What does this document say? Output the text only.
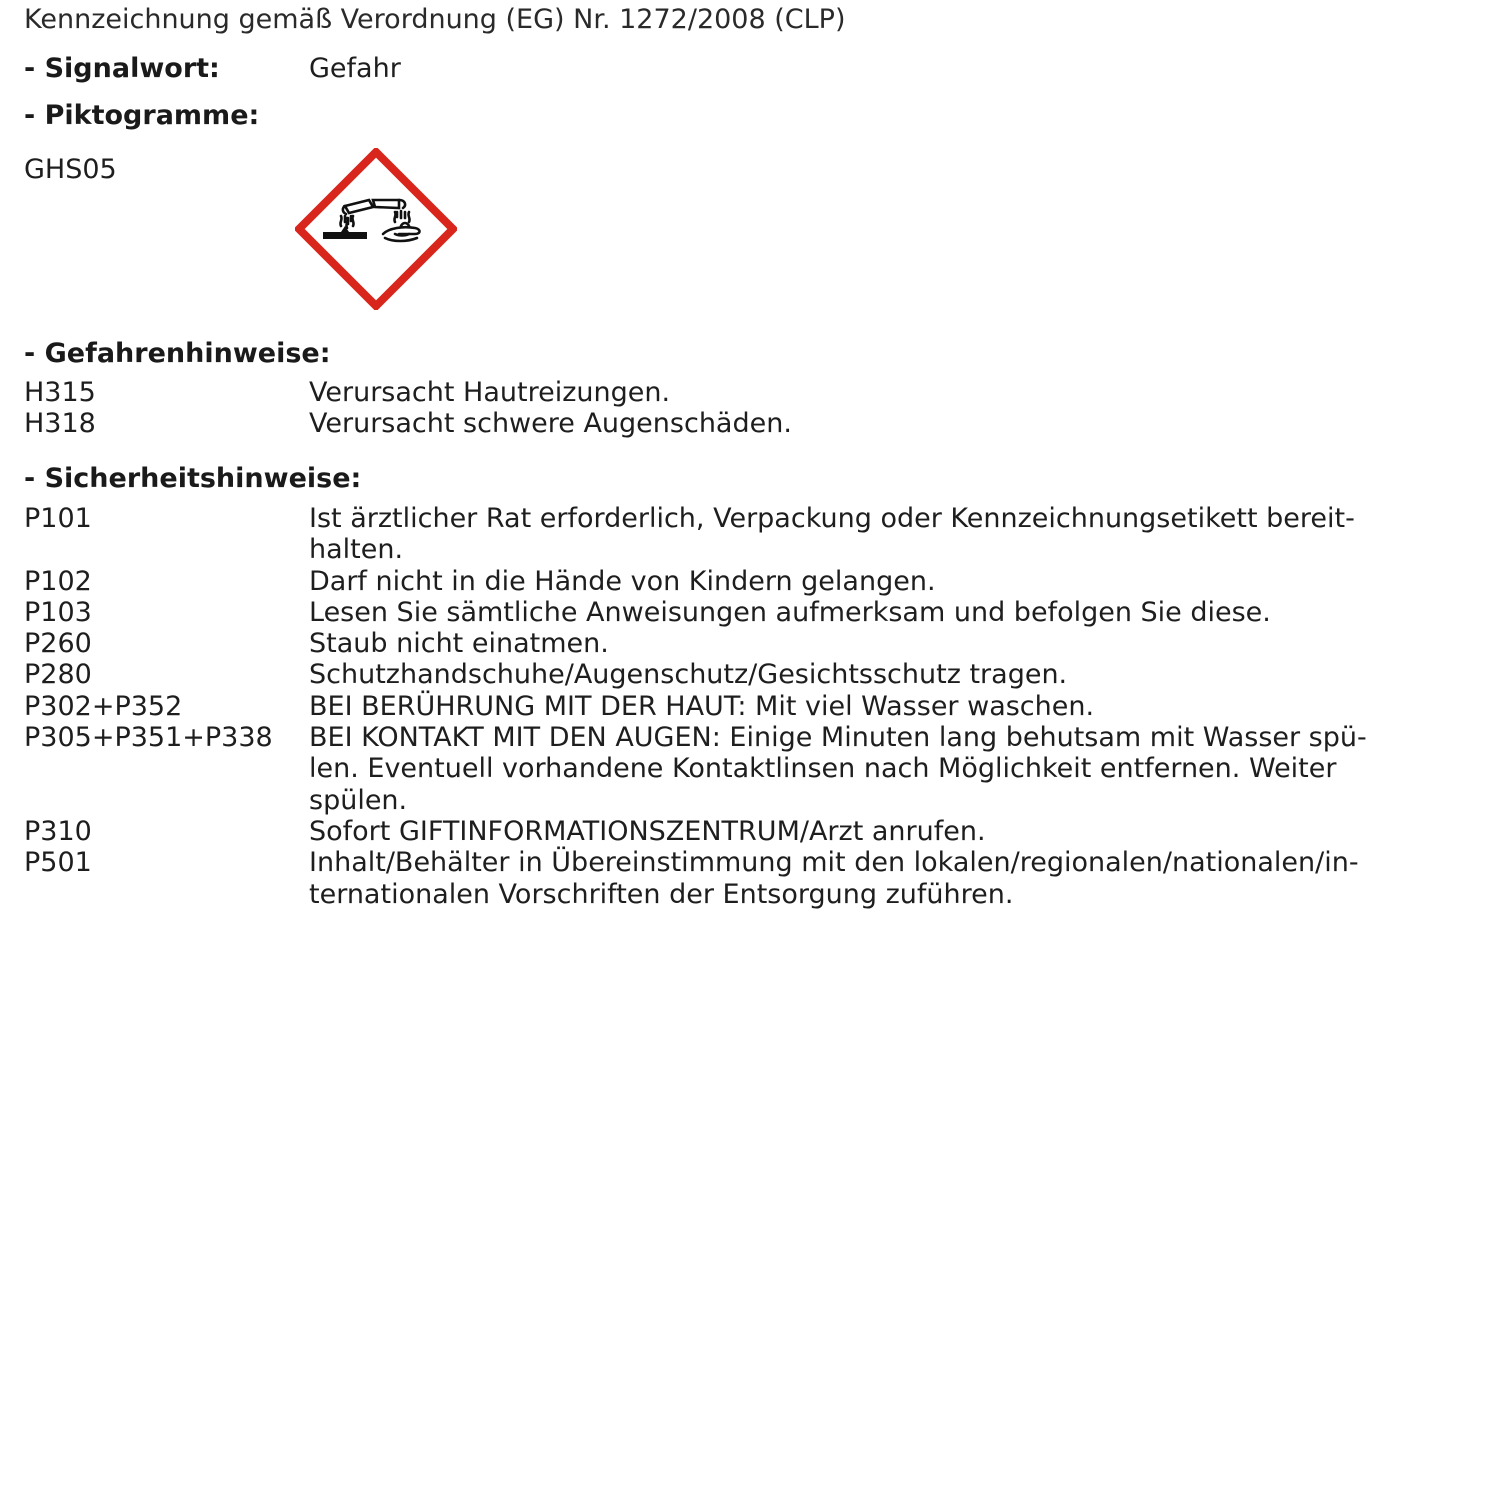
Kennzeichnung gemäß Verordnung (EG) Nr. 1272/2008 (CLP)
- Signalwort:	Gefahr
- Piktogramme:
GHS05
- Gefahrenhinweise:
H315	Verursacht Hautreizungen.
H318	Verursacht schwere Augenschäden.
- Sicherheitshinweise:
P101	Ist ärztlicher Rat erforderlich, Verpackung oder Kennzeichnungsetikett bereit-halten.
P102	Darf nicht in die Hände von Kindern gelangen.
P103	Lesen Sie sämtliche Anweisungen aufmerksam und befolgen Sie diese.
P260	Staub nicht einatmen.
P280	Schutzhandschuhe/Augenschutz/Gesichtsschutz tragen.
P302+P352	BEI BERÜHRUNG MIT DER HAUT: Mit viel Wasser waschen.
P305+P351+P338	BEI KONTAKT MIT DEN AUGEN: Einige Minuten lang behutsam mit Wasser spü-len. Eventuell vorhandene Kontaktlinsen nach Möglichkeit entfernen. Weiter spülen.
P310	Sofort GIFTINFORMATIONSZENTRUM/Arzt anrufen.
P501	Inhalt/Behälter in Übereinstimmung mit den lokalen/regionalen/nationalen/in-ternationalen Vorschriften der Entsorgung zuführen.
